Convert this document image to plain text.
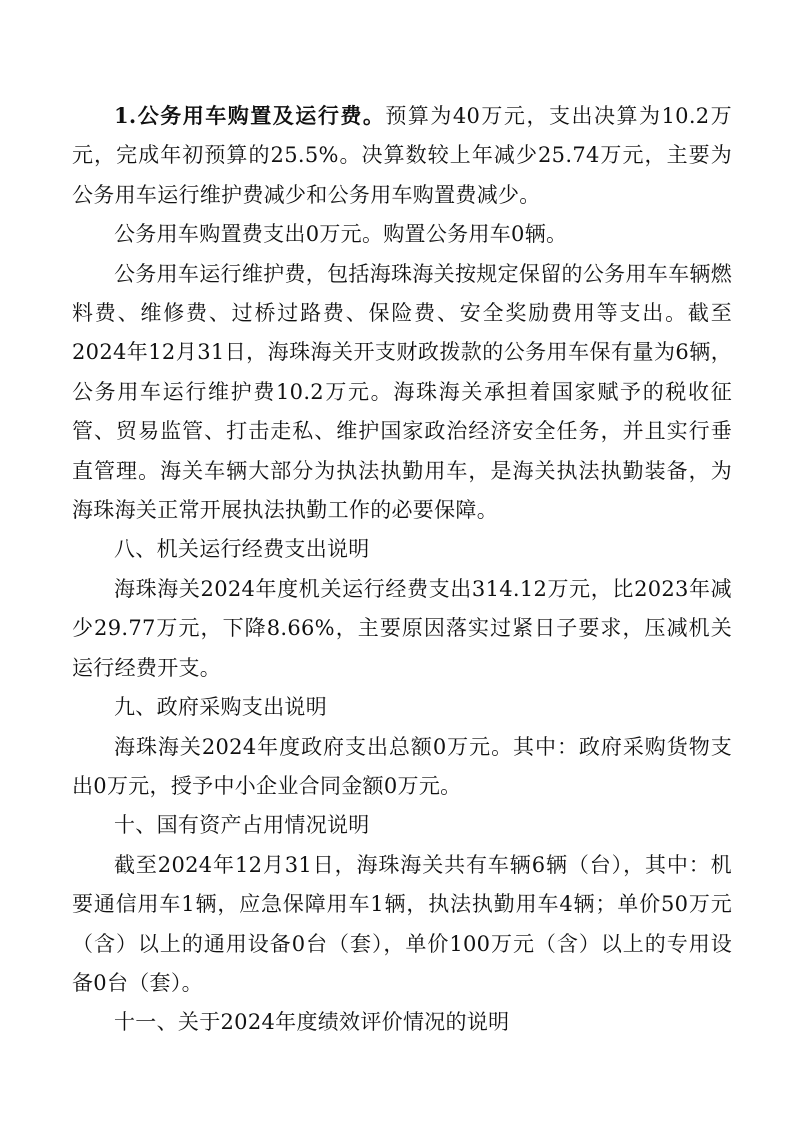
1.公务用车购置及运行费。预算为40万元，支出决算为10.2万元，完成年初预算的25.5%。决算数较上年减少25.74万元，主要为公务用车运行维护费减少和公务用车购置费减少。

公务用车购置费支出0万元。购置公务用车0辆。

公务用车运行维护费，包括海珠海关按规定保留的公务用车车辆燃料费、维修费、过桥过路费、保险费、安全奖励费用等支出。截至2024年12月31日，海珠海关开支财政拨款的公务用车保有量为6辆，公务用车运行维护费10.2万元。海珠海关承担着国家赋予的税收征管、贸易监管、打击走私、维护国家政治经济安全任务，并且实行垂直管理。海关车辆大部分为执法执勤用车，是海关执法执勤装备，为海珠海关正常开展执法执勤工作的必要保障。

八、机关运行经费支出说明

海珠海关2024年度机关运行经费支出314.12万元，比2023年减少29.77万元，下降8.66%，主要原因落实过紧日子要求，压减机关运行经费开支。

九、政府采购支出说明

海珠海关2024年度政府支出总额0万元。其中：政府采购货物支出0万元，授予中小企业合同金额0万元。

十、国有资产占用情况说明

截至2024年12月31日，海珠海关共有车辆6辆（台），其中：机要通信用车1辆，应急保障用车1辆，执法执勤用车4辆；单价50万元（含）以上的通用设备0台（套），单价100万元（含）以上的专用设备0台（套）。

十一、关于2024年度绩效评价情况的说明
